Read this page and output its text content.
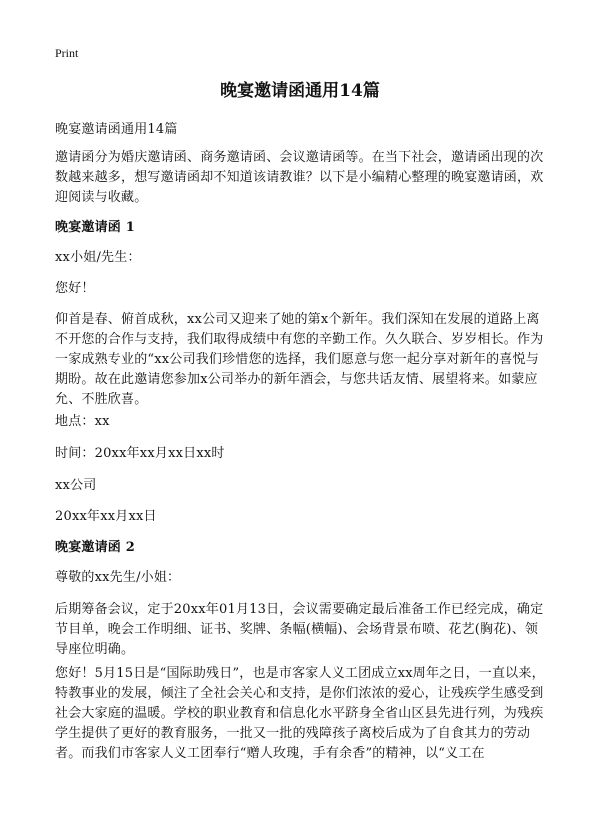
Print
晚宴邀请函通用14篇

晚宴邀请函通用14篇

邀请函分为婚庆邀请函、商务邀请函、会议邀请函等。在当下社会，邀请函出现的次数越来越多，想写邀请函却不知道该请教谁？以下是小编精心整理的晚宴邀请函，欢迎阅读与收藏。

晚宴邀请函 1

xx小姐/先生：

您好！

仰首是春、俯首成秋，xx公司又迎来了她的第x个新年。我们深知在发展的道路上离不开您的合作与支持，我们取得成绩中有您的辛勤工作。久久联合、岁岁相长。作为一家成熟专业的“xx公司我们珍惜您的选择，我们愿意与您一起分享对新年的喜悦与期盼。故在此邀请您参加x公司举办的新年酒会，与您共话友情、展望将来。如蒙应允、不胜欣喜。

地点：xx

时间：20xx年xx月xx日xx时

xx公司

20xx年xx月xx日

晚宴邀请函 2

尊敬的xx先生/小姐：

后期筹备会议，定于20xx年01月13日，会议需要确定最后准备工作已经完成，确定节目单，晚会工作明细、证书、奖牌、条幅(横幅)、会场背景布喷、花艺(胸花)、领导座位明确。

您好！5月15日是“国际助残日”，也是市客家人义工团成立xx周年之日，一直以来，特教事业的发展，倾注了全社会关心和支持，是你们浓浓的爱心，让残疾学生感受到社会大家庭的温暖。学校的职业教育和信息化水平跻身全省山区县先进行列，为残疾学生提供了更好的教育服务，一批又一批的残障孩子离校后成为了自食其力的劳动者。而我们市客家人义工团奉行“赠人玫瑰，手有余香”的精神，以“义工在
